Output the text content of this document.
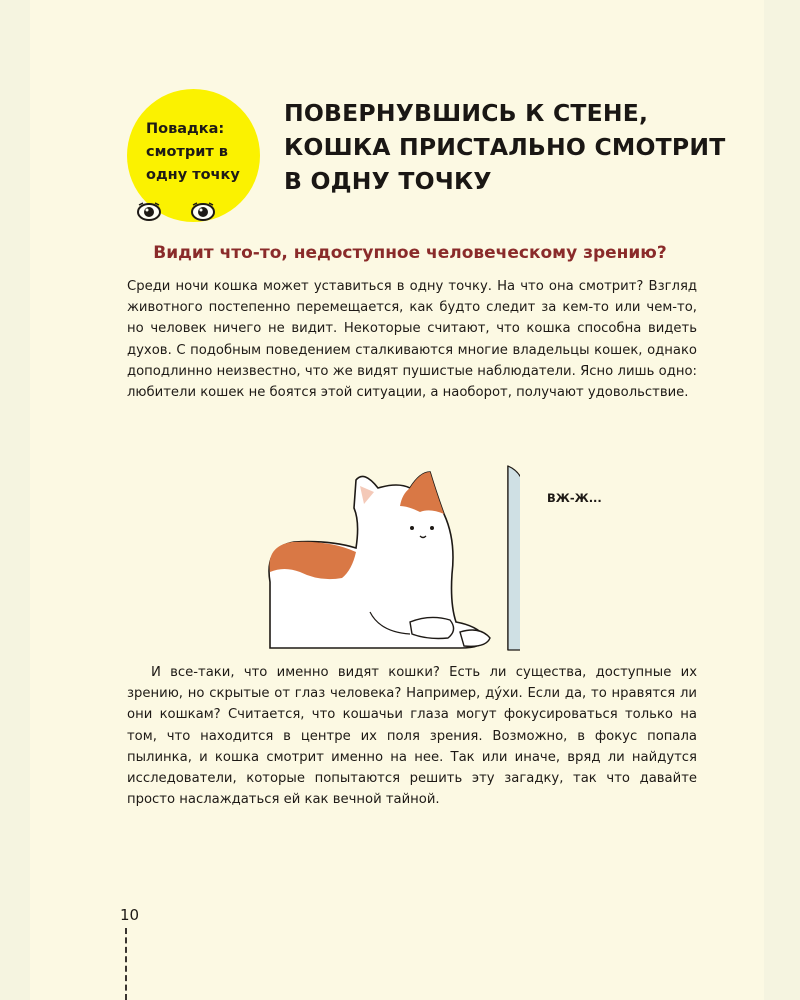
Повадка:
смотрит в
одну точку
ПОВЕРНУВШИСЬ К СТЕНЕ,
КОШКА ПРИСТАЛЬНО СМОТРИТ
В ОДНУ ТОЧКУ
Видит что-то, недоступное человеческому зрению?

Среди ночи кошка может уставиться в одну точку. На что она смотрит? Взгляд животного постепенно перемещается, как будто следит за кем-то или чем-то, но человек ничего не видит. Некоторые считают, что кошка способна видеть духов. С подобным поведением сталкиваются многие владельцы кошек, однако доподлинно неизвестно, что же видят пушистые наблюдатели. Ясно лишь одно: любители кошек не боятся этой ситуации, а наоборот, получают удовольствие.

ВЖ-Ж...

И все-таки, что именно видят кошки? Есть ли существа, доступные их зрению, но скрытые от глаз человека? Например, ду́хи. Если да, то нравятся ли они кошкам? Считается, что кошачьи глаза могут фокусироваться только на том, что находится в центре их поля зрения. Возможно, в фокус попала пылинка, и кошка смотрит именно на нее. Так или иначе, вряд ли найдутся исследователи, которые попытаются решить эту загадку, так что давайте просто наслаждаться ей как вечной тайной.

10
